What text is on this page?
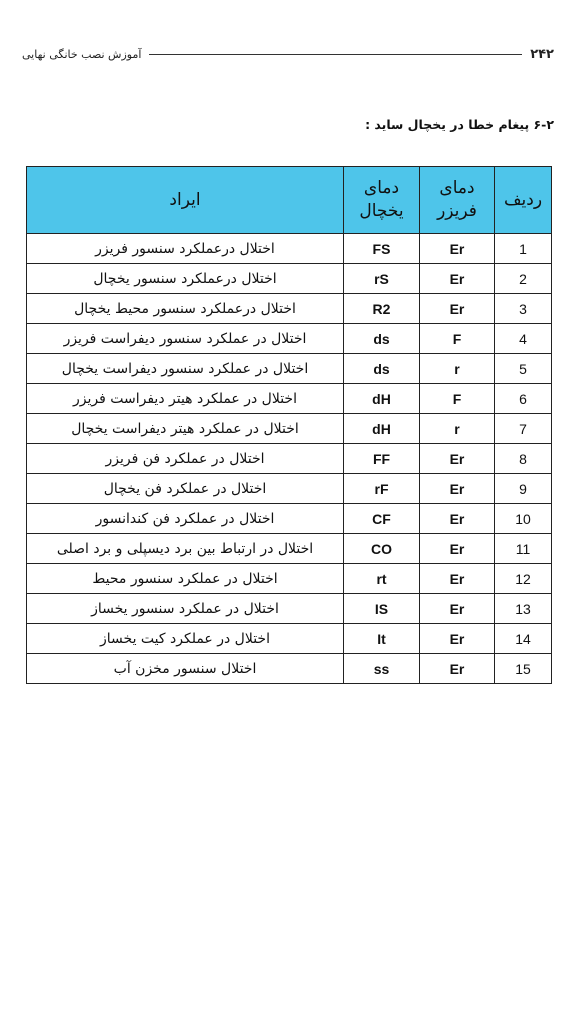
۲۴۲
آموزش نصب خانگی نهایی
۶-۲ پیغام خطا در یخچال ساید :
ردیف	دمای فریزر	دمای یخچال	ایراد
1	Er	FS	اختلال درعملکرد سنسور فریزر
2	Er	rS	اختلال درعملکرد سنسور یخچال
3	Er	R2	اختلال درعملکرد سنسور محیط یخچال
4	F	ds	اختلال در عملکرد سنسور دیفراست فریزر
5	r	ds	اختلال در عملکرد سنسور دیفراست یخچال
6	F	dH	اختلال در عملکرد هیتر دیفراست فریزر
7	r	dH	اختلال در عملکرد هیتر دیفراست یخچال
8	Er	FF	اختلال در عملکرد فن فریزر
9	Er	rF	اختلال در عملکرد فن یخچال
10	Er	CF	اختلال در عملکرد فن کندانسور
11	Er	CO	اختلال در ارتباط بین برد دیسپلی و برد اصلی
12	Er	rt	اختلال در عملکرد سنسور محیط
13	Er	IS	اختلال در عملکرد سنسور یخساز
14	Er	It	اختلال در عملکرد کیت یخساز
15	Er	ss	اختلال سنسور مخزن آب
